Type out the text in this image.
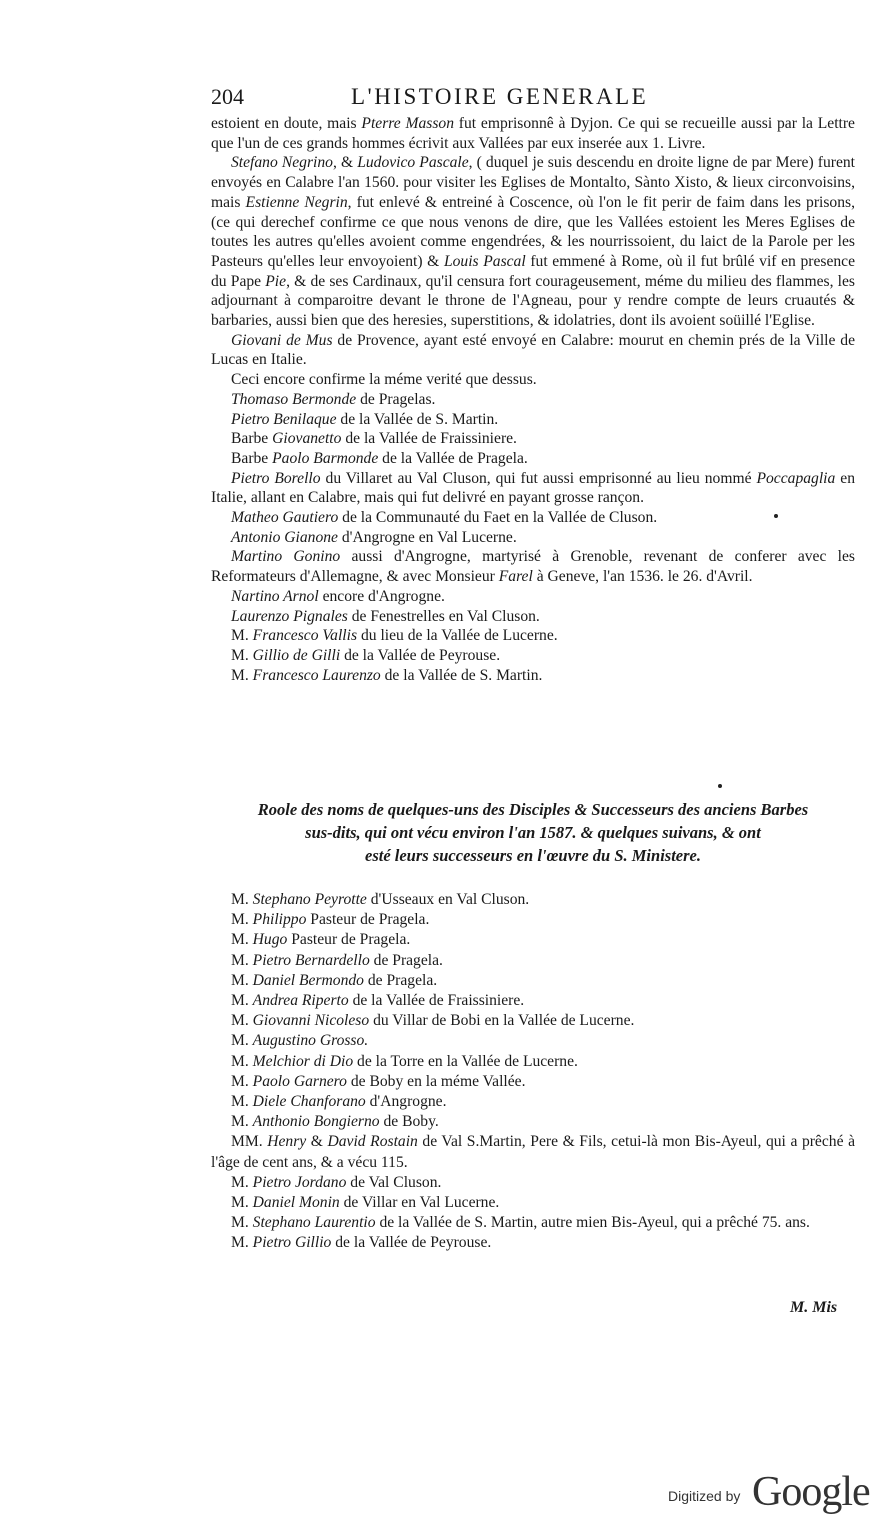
204	L'HISTOIRE GENERALE

estoient en doute, mais Pterre Masson fut emprisonnê à Dyjon. Ce qui se recueille aussi par la Lettre que l'un de ces grands hommes écrivit aux Vallées par eux inserée aux 1. Livre.

Stefano Negrino, & Ludovico Pascale, ( duquel je suis descendu en droite ligne de par Mere) furent envoyés en Calabre l'an 1560. pour visiter les Eglises de Montalto, Sànto Xisto, & lieux circonvoisins, mais Estienne Negrin, fut enlevé & entreiné à Coscence, où l'on le fit perir de faim dans les prisons, (ce qui derechef confirme ce que nous venons de dire, que les Vallées estoient les Meres Eglises de toutes les autres qu'elles avoient comme engendrées, & les nourrissoient, du laict de la Parole per les Pasteurs qu'elles leur envoyoient) & Louis Pascal fut emmené à Rome, où il fut brûlé vif en presence du Pape Pie, & de ses Cardinaux, qu'il censura fort courageusement, méme du milieu des flammes, les adjournant à comparoitre devant le throne de l'Agneau, pour y rendre compte de leurs cruautés & barbaries, aussi bien que des heresies, superstitions, & idolatries, dont ils avoient soüillé l'Eglise.

Giovani de Mus de Provence, ayant esté envoyé en Calabre: mourut en chemin prés de la Ville de Lucas en Italie.

Ceci encore confirme la méme verité que dessus.

Thomaso Bermonde de Pragelas.

Pietro Benilaque de la Vallée de S. Martin.

Barbe Giovanetto de la Vallée de Fraissiniere.

Barbe Paolo Barmonde de la Vallée de Pragela.

Pietro Borello du Villaret au Val Cluson, qui fut aussi emprisonné au lieu nommé Poccapaglia en Italie, allant en Calabre, mais qui fut delivré en payant grosse rançon.

Matheo Gautiero de la Communauté du Faet en la Vallée de Cluson.

Antonio Gianone d'Angrogne en Val Lucerne.

Martino Gonino aussi d'Angrogne, martyrisé à Grenoble, revenant de conferer avec les Reformateurs d'Allemagne, & avec Monsieur Farel à Geneve, l'an 1536. le 26. d'Avril.

Nartino Arnol encore d'Angrogne.

Laurenzo Pignales de Fenestrelles en Val Cluson.

M. Francesco Vallis du lieu de la Vallée de Lucerne.

M. Gillio de Gilli de la Vallée de Peyrouse.

M. Francesco Laurenzo de la Vallée de S. Martin.

Roole des noms de quelques-uns des Disciples & Successeurs des anciens Barbes
sus-dits, qui ont vécu environ l'an 1587. & quelques suivans, & ont
esté leurs successeurs en l'œuvre du S. Ministere.
M. Stephano Peyrotte d'Usseaux en Val Cluson.
M. Philippo Pasteur de Pragela.
M. Hugo Pasteur de Pragela.
M. Pietro Bernardello de Pragela.
M. Daniel Bermondo de Pragela.
M. Andrea Riperto de la Vallée de Fraissiniere.
M. Giovanni Nicoleso du Villar de Bobi en la Vallée de Lucerne.
M. Augustino Grosso.
M. Melchior di Dio de la Torre en la Vallée de Lucerne.
M. Paolo Garnero de Boby en la méme Vallée.
M. Diele Chanforano d'Angrogne.
M. Anthonio Bongierno de Boby.
MM. Henry & David Rostain de Val S.Martin, Pere & Fils, cetui-là mon Bis-Ayeul, qui a prêché à l'âge de cent ans, & a vécu 115.
M. Pietro Jordano de Val Cluson.
M. Daniel Monin de Villar en Val Lucerne.
M. Stephano Laurentio de la Vallée de S. Martin, autre mien Bis-Ayeul, qui a prêché 75. ans.
M. Pietro Gillio de la Vallée de Peyrouse.
M. Mis
Digitized by Google
